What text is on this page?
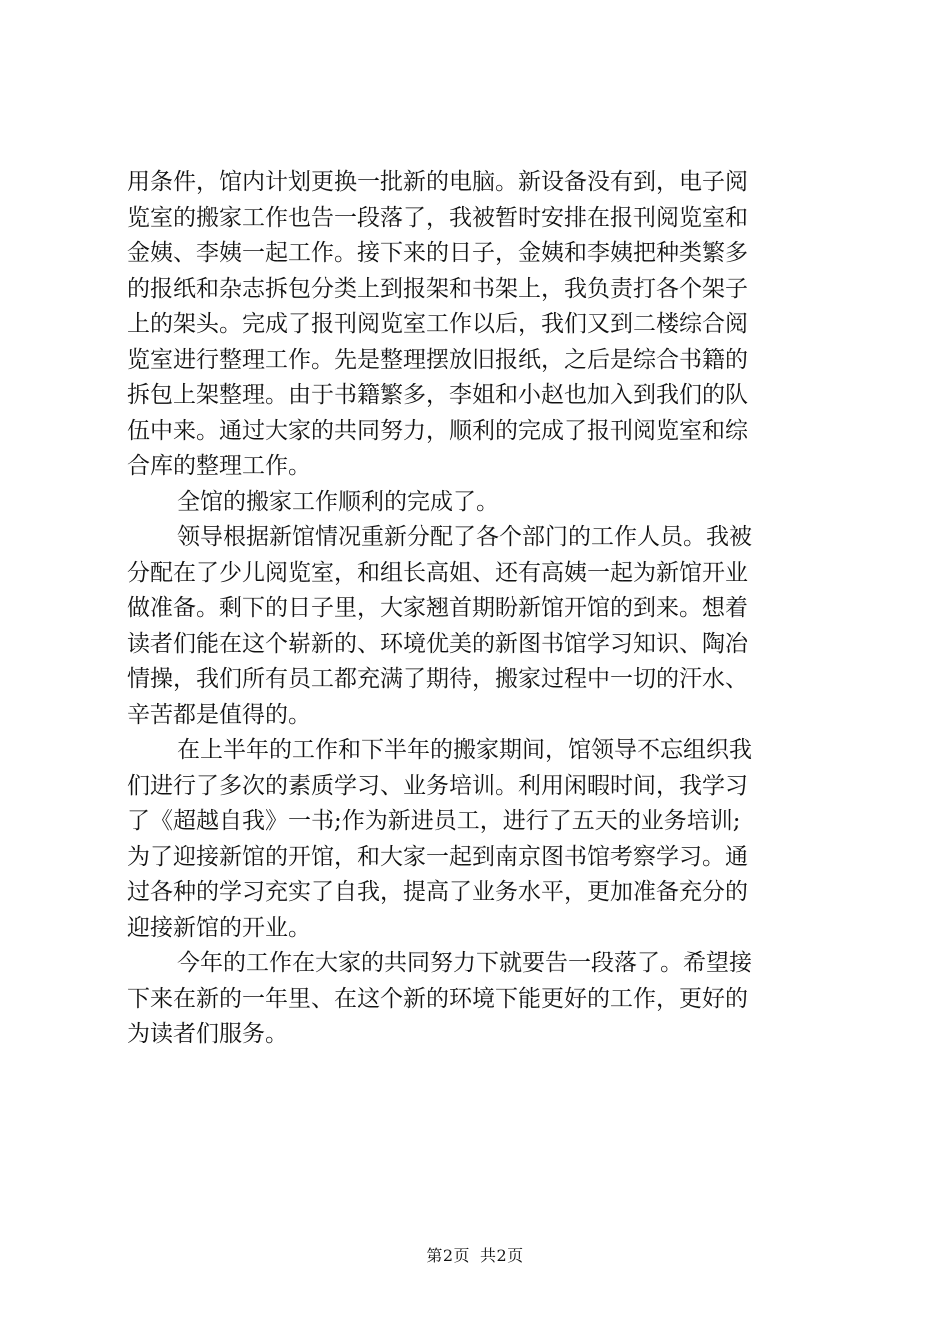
用条件，馆内计划更换一批新的电脑。新设备没有到，电子阅
览室的搬家工作也告一段落了，我被暂时安排在报刊阅览室和
金姨、李姨一起工作。接下来的日子，金姨和李姨把种类繁多
的报纸和杂志拆包分类上到报架和书架上，我负责打各个架子
上的架头。完成了报刊阅览室工作以后，我们又到二楼综合阅
览室进行整理工作。先是整理摆放旧报纸，之后是综合书籍的
拆包上架整理。由于书籍繁多，李姐和小赵也加入到我们的队
伍中来。通过大家的共同努力，顺利的完成了报刊阅览室和综
合库的整理工作。
全馆的搬家工作顺利的完成了。
领导根据新馆情况重新分配了各个部门的工作人员。我被
分配在了少儿阅览室，和组长高姐、还有高姨一起为新馆开业
做准备。剩下的日子里，大家翘首期盼新馆开馆的到来。想着
读者们能在这个崭新的、环境优美的新图书馆学习知识、陶冶
情操，我们所有员工都充满了期待，搬家过程中一切的汗水、
辛苦都是值得的。
在上半年的工作和下半年的搬家期间，馆领导不忘组织我
们进行了多次的素质学习、业务培训。利用闲暇时间，我学习
了《超越自我》一书;作为新进员工，进行了五天的业务培训;
为了迎接新馆的开馆，和大家一起到南京图书馆考察学习。通
过各种的学习充实了自我，提高了业务水平，更加准备充分的
迎接新馆的开业。
今年的工作在大家的共同努力下就要告一段落了。希望接
下来在新的一年里、在这个新的环境下能更好的工作，更好的
为读者们服务。
第2页 共2页
